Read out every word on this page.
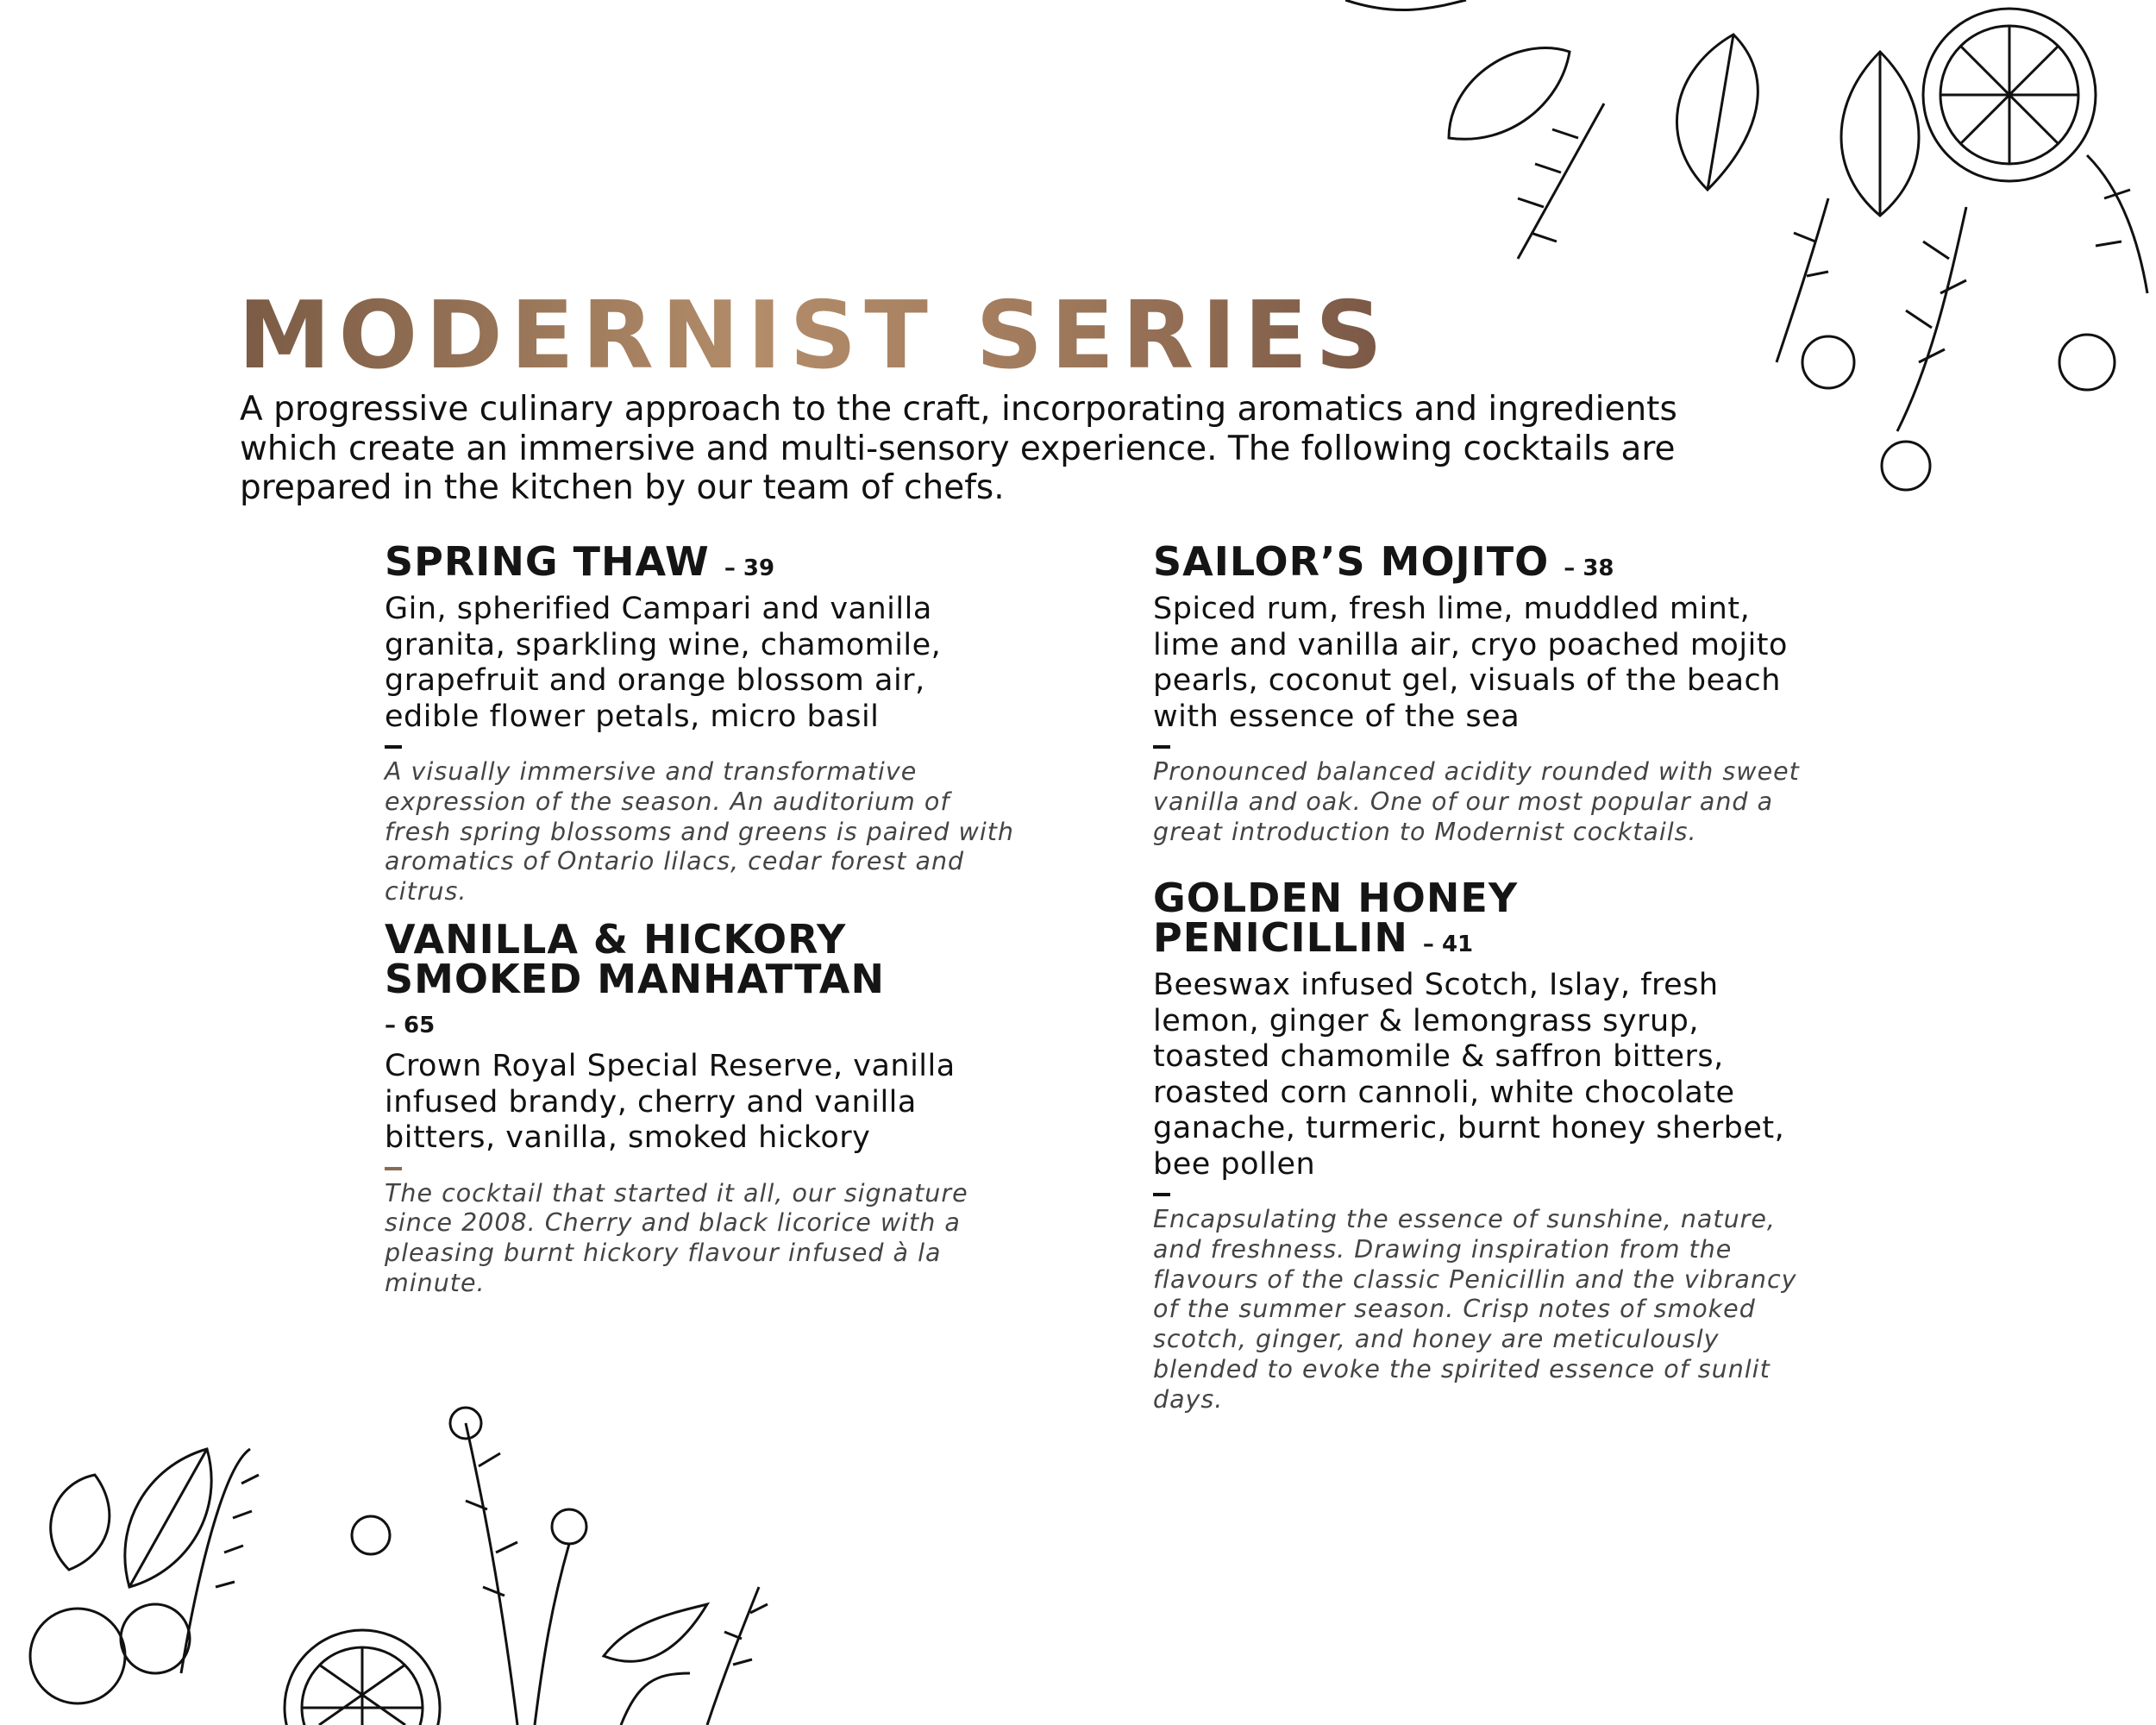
MODERNIST SERIES
A progressive culinary approach to the craft, incorporating aromatics and ingredients which create an immersive and multi-sensory experience. The following cocktails are prepared in the kitchen by our team of chefs.
SPRING THAW – 39
Gin, spherified Campari and vanilla granita, sparkling wine, chamomile, grapefruit and orange blossom air, edible flower petals, micro basil
A visually immersive and transformative expression of the season. An auditorium of fresh spring blossoms and greens is paired with aromatics of Ontario lilacs, cedar forest and citrus.
VANILLA & HICKORY SMOKED MANHATTAN – 65
Crown Royal Special Reserve, vanilla infused brandy, cherry and vanilla bitters, vanilla, smoked hickory
The cocktail that started it all, our signature since 2008. Cherry and black licorice with a pleasing burnt hickory flavour infused à la minute.
SAILOR’S MOJITO – 38
Spiced rum, fresh lime, muddled mint, lime and vanilla air, cryo poached mojito pearls, coconut gel, visuals of the beach with essence of the sea
Pronounced balanced acidity rounded with sweet vanilla and oak. One of our most popular and a great introduction to Modernist cocktails.
GOLDEN HONEY PENICILLIN – 41
Beeswax infused Scotch, Islay, fresh lemon, ginger & lemongrass syrup, toasted chamomile & saffron bitters, roasted corn cannoli, white chocolate ganache, turmeric, burnt honey sherbet, bee pollen
Encapsulating the essence of sunshine, nature, and freshness. Drawing inspiration from the flavours of the classic Penicillin and the vibrancy of the summer season. Crisp notes of smoked scotch, ginger, and honey are meticulously blended to evoke the spirited essence of sunlit days.
